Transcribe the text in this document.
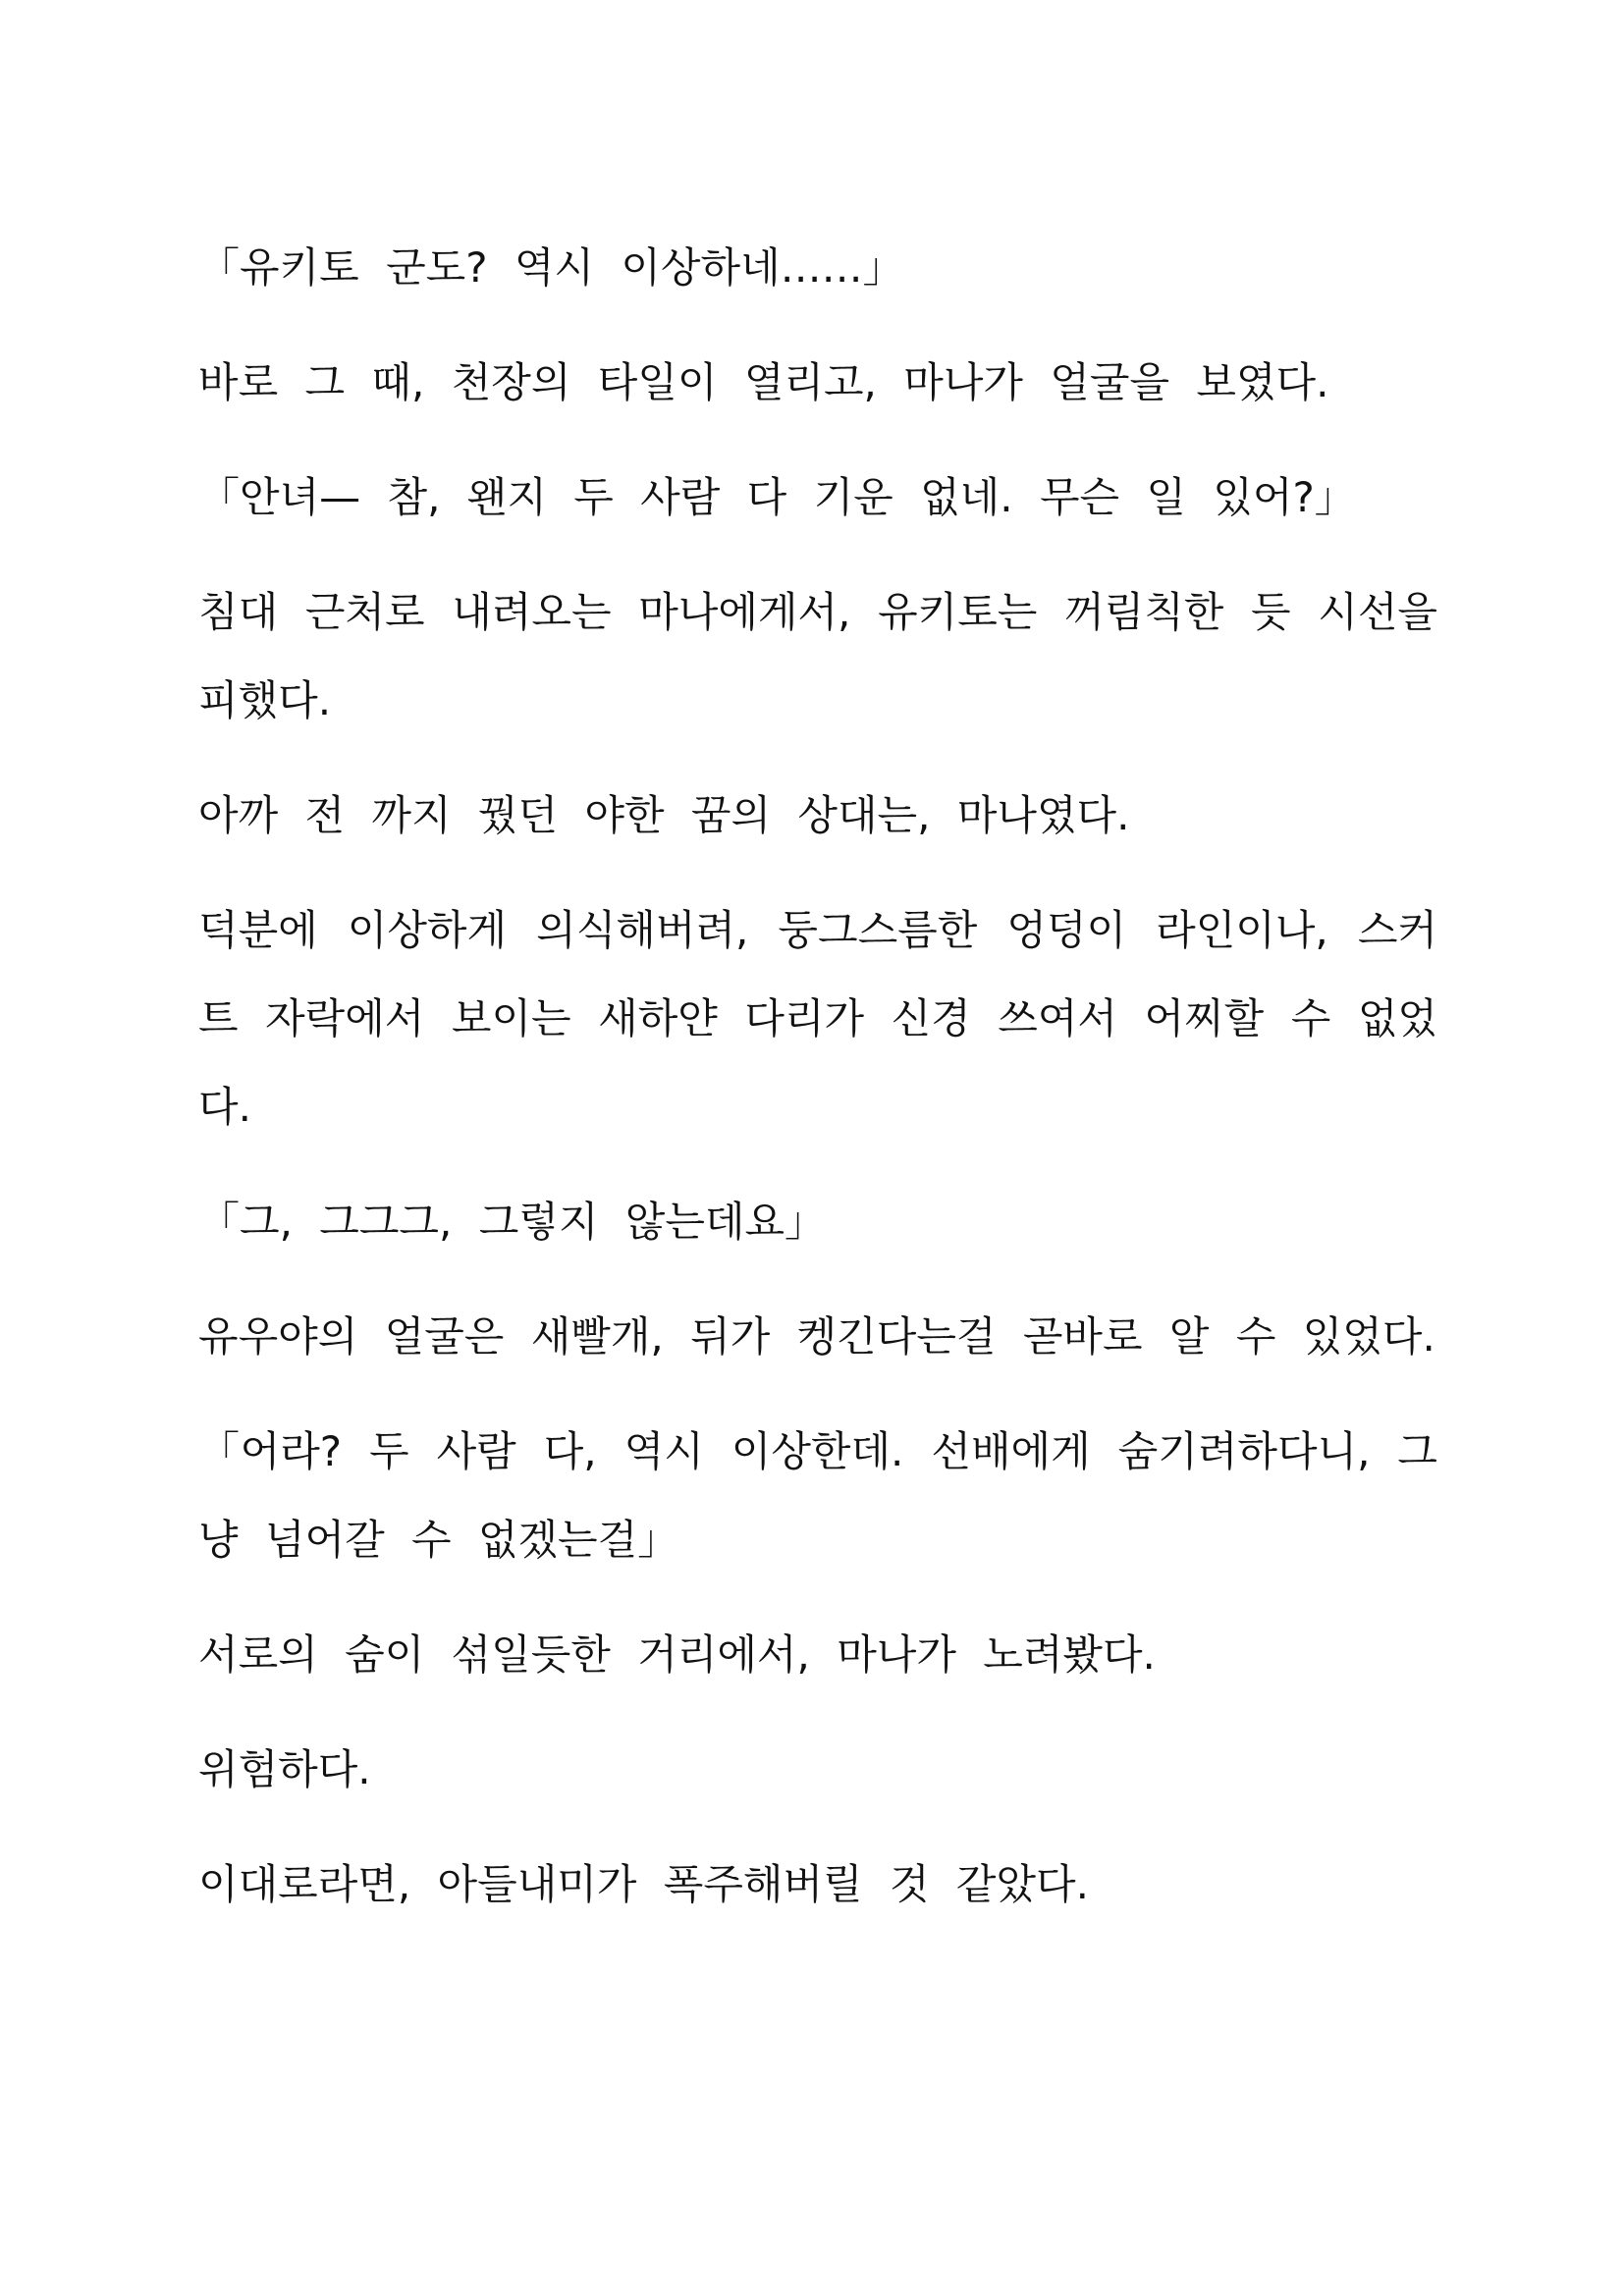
「유키토 군도? 역시 이상하네……」

바로 그 때, 천장의 타일이 열리고, 마나가 얼굴을 보였다.

「안녀— 참, 왠지 두 사람 다 기운 없네. 무슨 일 있어?」

침대 근처로 내려오는 마나에게서, 유키토는 꺼림칙한 듯 시선을 피했다.

아까 전 까지 꿨던 야한 꿈의 상대는, 마나였다.

덕분에 이상하게 의식해버려, 둥그스름한 엉덩이 라인이나, 스커트 자락에서 보이는 새하얀 다리가 신경 쓰여서 어찌할 수 없었다.

「그, 그그그, 그렇지 않는데요」

유우야의 얼굴은 새빨개, 뒤가 켕긴다는걸 곧바로 알 수 있었다.

「어라? 두 사람 다, 역시 이상한데. 선배에게 숨기려하다니, 그냥 넘어갈 수 없겠는걸」

서로의 숨이 섞일듯한 거리에서, 마나가 노려봤다.

위험하다.

이대로라면, 아들내미가 폭주해버릴 것 같았다.
